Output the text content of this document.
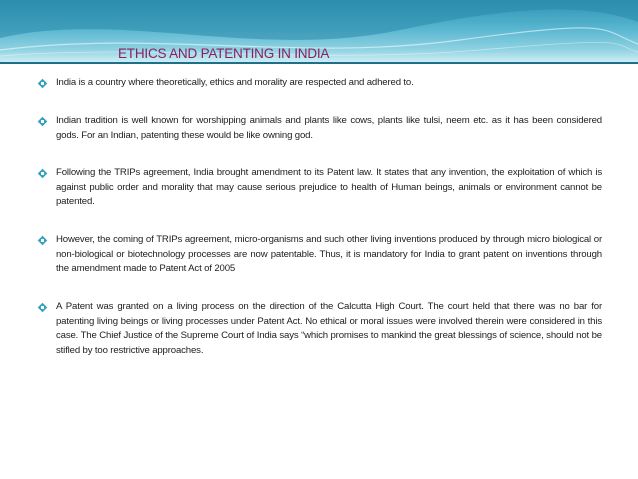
ETHICS AND PATENTING IN INDIA
India is a country where theoretically, ethics and morality are respected and adhered to.
Indian tradition is well known for worshipping animals and plants like cows, plants like tulsi, neem etc. as it has been considered gods. For an Indian, patenting these would be like owning god.
Following the TRIPs agreement, India brought amendment to its Patent law. It states that any invention, the exploitation of which is against public order and morality that may cause serious prejudice to health of Human beings, animals or environment cannot be patented.
However, the coming of TRIPs agreement, micro-organisms and such other living inventions produced by through micro biological or non-biological or biotechnology processes are now patentable. Thus, it is mandatory for India to grant patent on inventions through the amendment made to Patent Act of 2005
A Patent was granted on a living process on the direction of the Calcutta High Court. The court held that there was no bar for patenting living beings or living processes under Patent Act. No ethical or moral issues were involved therein were considered in this case. The Chief Justice of the Supreme Court of India says “which promises to mankind the great blessings of science, should not be stifled by too restrictive approaches.
